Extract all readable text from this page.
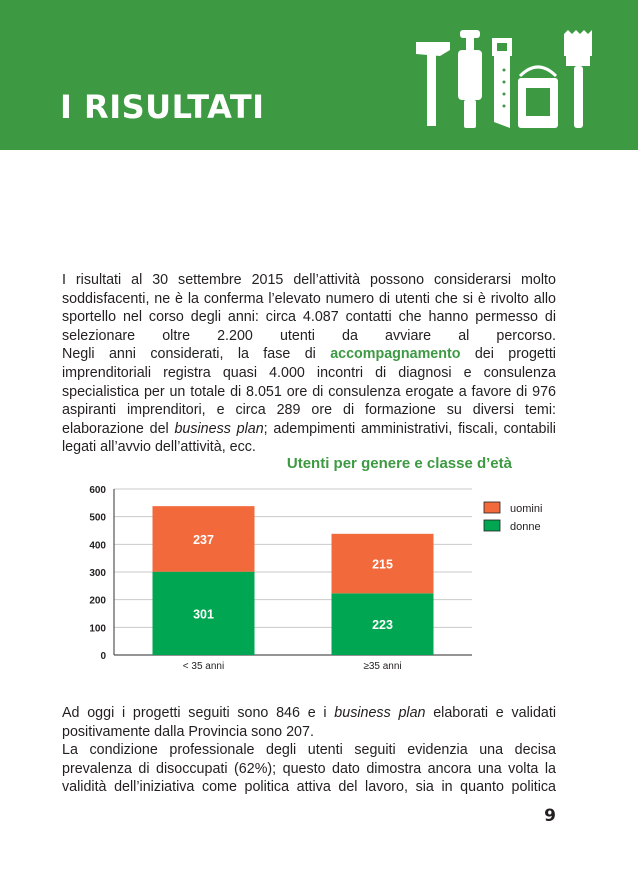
I RISULTATI

I risultati al 30 settembre 2015 dell’attività possono considerarsi molto soddisfacenti, ne è la conferma l’elevato numero di utenti che si è rivolto allo sportello nel corso degli anni: circa 4.087 contatti che hanno permesso di selezionare oltre 2.200 utenti da avviare al percorso.

Negli anni considerati, la fase di accompagnamento dei progetti imprenditoriali registra quasi 4.000 incontri di diagnosi e consulenza specialistica per un totale di 8.051 ore di consulenza erogate a favore di 976 aspiranti imprenditori, e circa 289 ore di formazione su diversi temi: elaborazione del business plan; adempimenti amministrativi, fiscali, contabili legati all’avvio dell’attività, ecc.

Utenti per genere e classe d’età
0
100
200
300
400
500
600
301
237
< 35 anni
223
215
≥35 anni
uomini
donne

Ad oggi i progetti seguiti sono 846 e i business plan elaborati e validati positivamente dalla Provincia sono 207.

La condizione professionale degli utenti seguiti evidenzia una decisa prevalenza di disoccupati (62%); questo dato dimostra ancora una volta la validità dell’iniziativa come politica attiva del lavoro, sia in quanto politica

9
